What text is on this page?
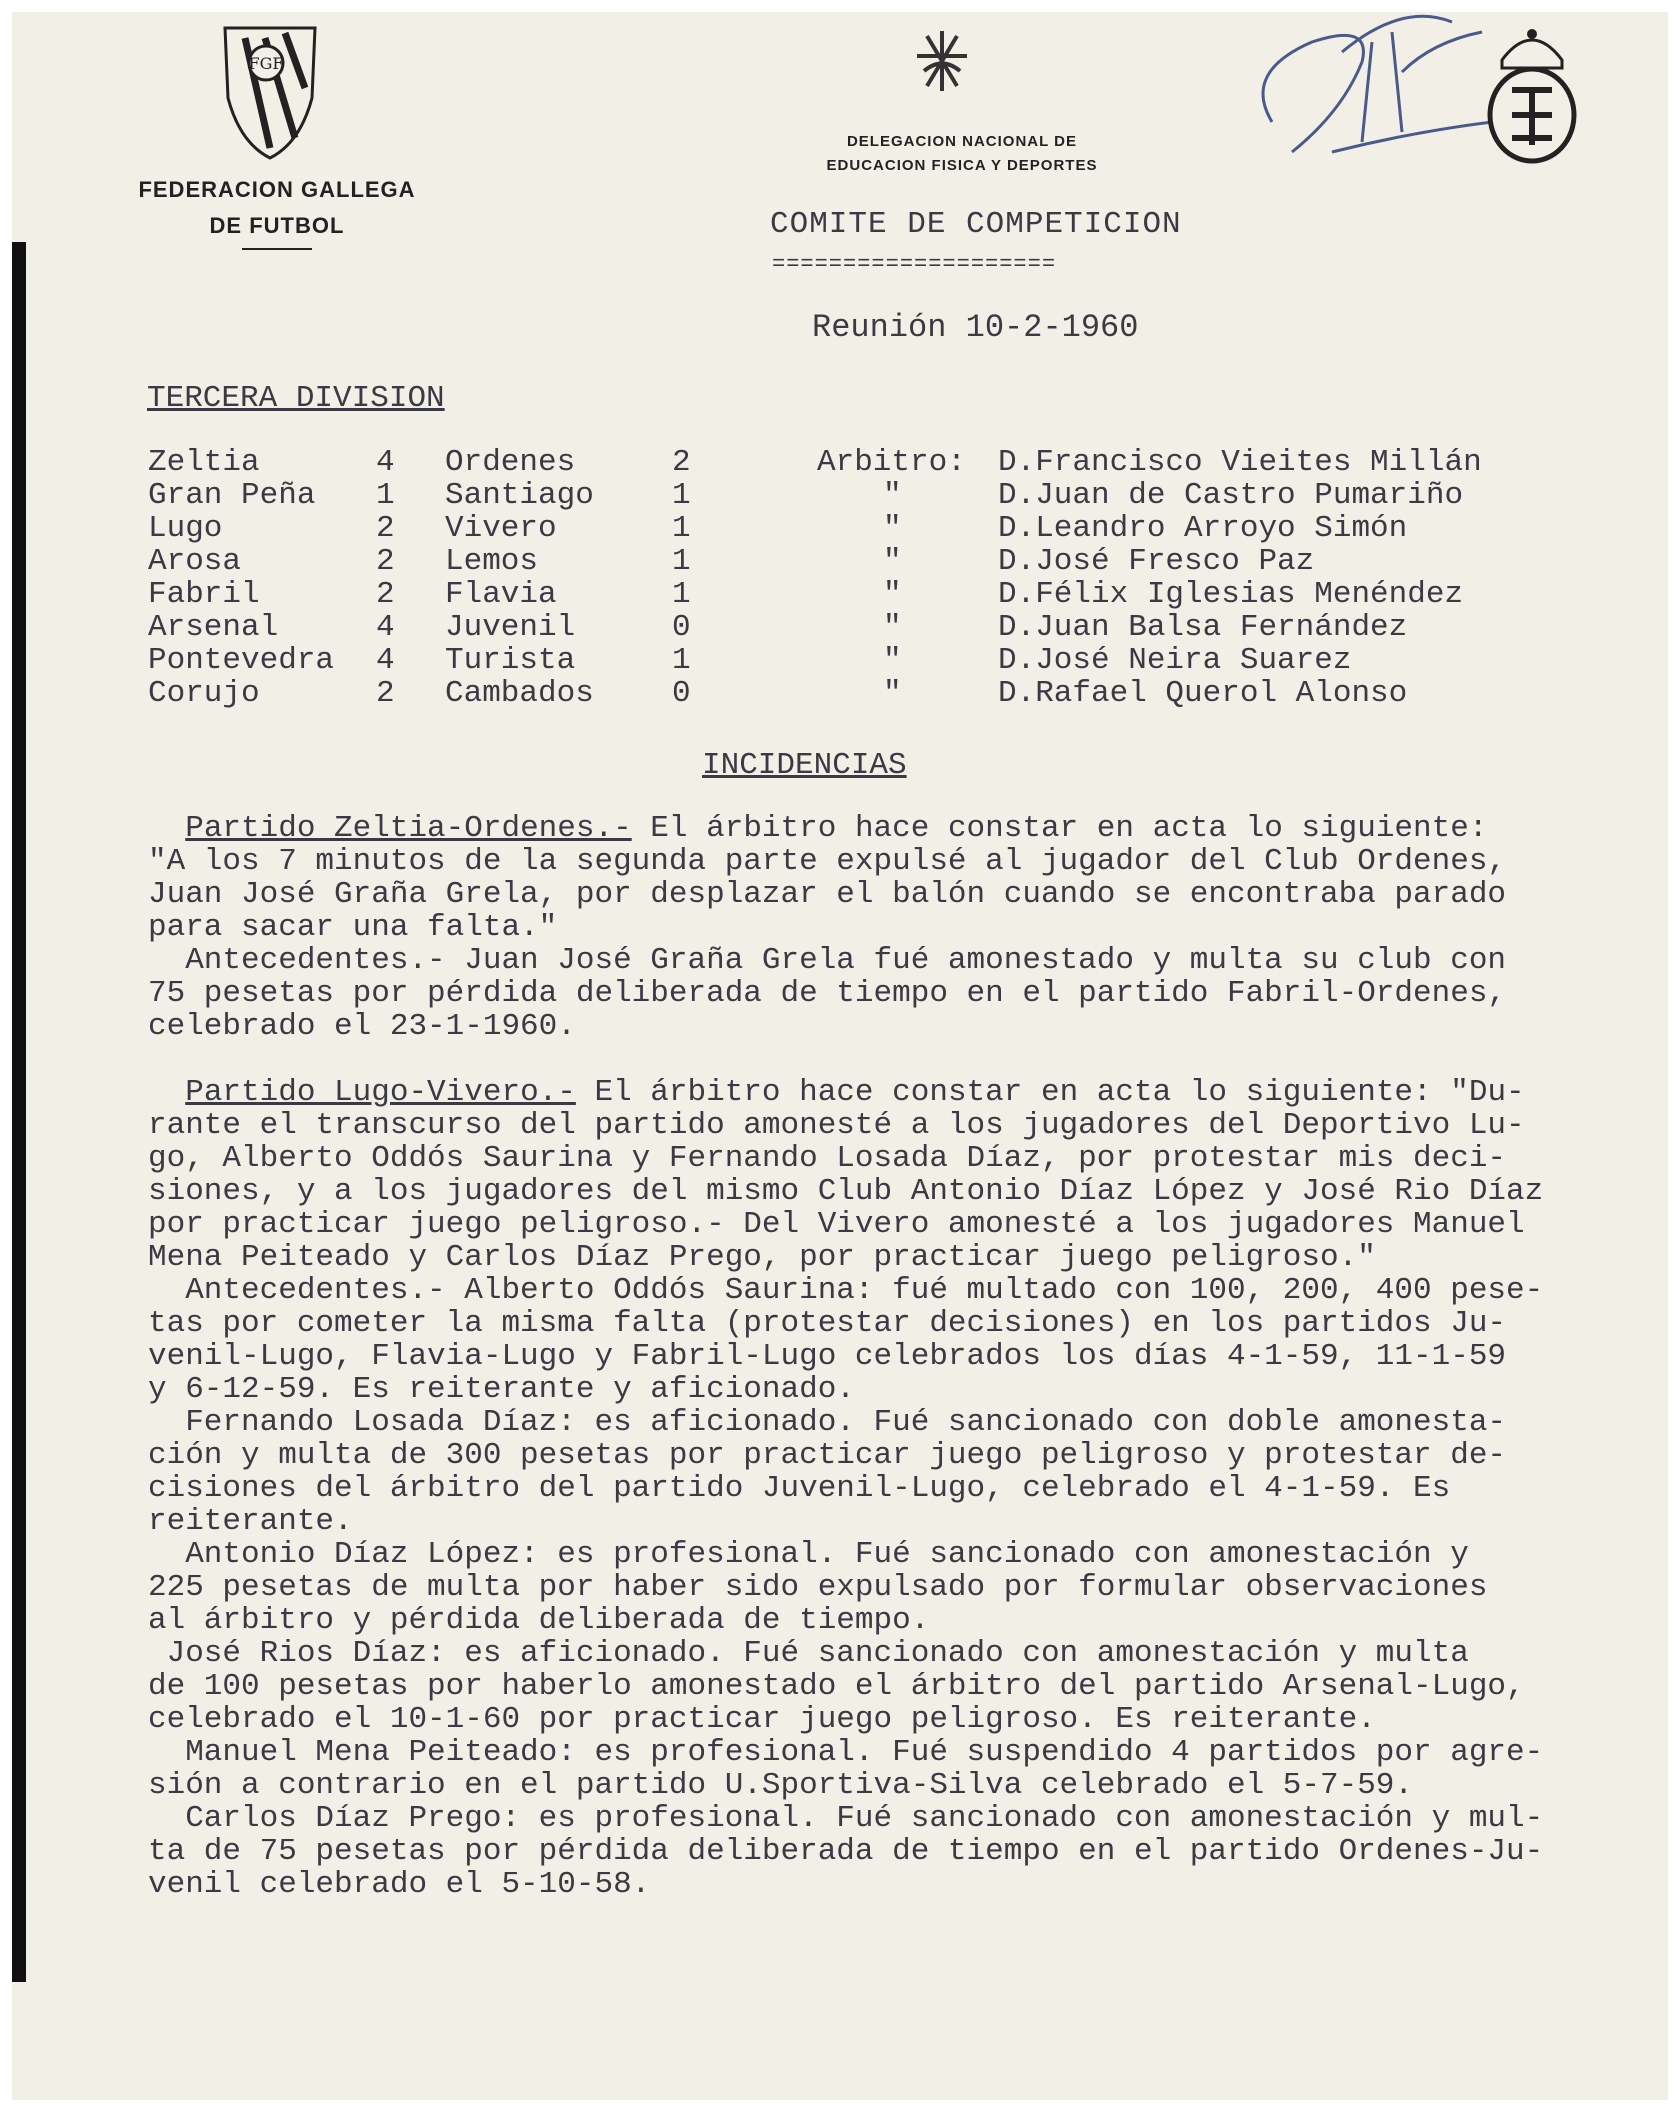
FGF
FEDERACION GALLEGA
DE FUTBOL
DELEGACION NACIONAL DE
EDUCACION FISICA Y DEPORTES
COMITE DE COMPETICION
====================
Reunión 10-2-1960
TERCERA DIVISION
Zeltia	4 Ordenes	2	Arbitro: D.Francisco Vieites Millán
Gran Peña 1 Santiago	1	"	D.Juan de Castro Pumariño
Lugo	2 Vivero	1	"	D.Leandro Arroyo Simón
Arosa	2 Lemos	1	"	D.José Fresco Paz
Fabril	2 Flavia	1	"	D.Félix Iglesias Menéndez
Arsenal	4 Juvenil	0	"	D.Juan Balsa Fernández
Pontevedra 4 Turista	1	"	D.José Neira Suarez
Corujo	2 Cambados	0	"	D.Rafael Querol Alonso
INCIDENCIAS
Partido Zeltia-Ordenes.- El árbitro hace constar en acta lo siguiente:
"A los 7 minutos de la segunda parte expulsé al jugador del Club Ordenes,
Juan José Graña Grela, por desplazar el balón cuando se encontraba parado
para sacar una falta."
Antecedentes.- Juan José Graña Grela fué amonestado y multa su club con
75 pesetas por pérdida deliberada de tiempo en el partido Fabril-Ordenes,
celebrado el 23-1-1960.
Partido Lugo-Vivero.- El árbitro hace constar en acta lo siguiente: "Du-
rante el transcurso del partido amonesté a los jugadores del Deportivo Lu-
go, Alberto Oddós Saurina y Fernando Losada Díaz, por protestar mis deci-
siones, y a los jugadores del mismo Club Antonio Díaz López y José Rio Díaz
por practicar juego peligroso.- Del Vivero amonesté a los jugadores Manuel
Mena Peiteado y Carlos Díaz Prego, por practicar juego peligroso."
Antecedentes.- Alberto Oddós Saurina: fué multado con 100, 200, 400 pese-
tas por cometer la misma falta (protestar decisiones) en los partidos Ju-
venil-Lugo, Flavia-Lugo y Fabril-Lugo celebrados los días 4-1-59, 11-1-59
y 6-12-59. Es reiterante y aficionado.
Fernando Losada Díaz: es aficionado. Fué sancionado con doble amonesta-
ción y multa de 300 pesetas por practicar juego peligroso y protestar de-
cisiones del árbitro del partido Juvenil-Lugo, celebrado el 4-1-59. Es
reiterante.
Antonio Díaz López: es profesional. Fué sancionado con amonestación y
225 pesetas de multa por haber sido expulsado por formular observaciones
al árbitro y pérdida deliberada de tiempo.
José Rios Díaz: es aficionado. Fué sancionado con amonestación y multa
de 100 pesetas por haberlo amonestado el árbitro del partido Arsenal-Lugo,
celebrado el 10-1-60 por practicar juego peligroso. Es reiterante.
Manuel Mena Peiteado: es profesional. Fué suspendido 4 partidos por agre-
sión a contrario en el partido U.Sportiva-Silva celebrado el 5-7-59.
Carlos Díaz Prego: es profesional. Fué sancionado con amonestación y mul-
ta de 75 pesetas por pérdida deliberada de tiempo en el partido Ordenes-Ju-
venil celebrado el 5-10-58.
